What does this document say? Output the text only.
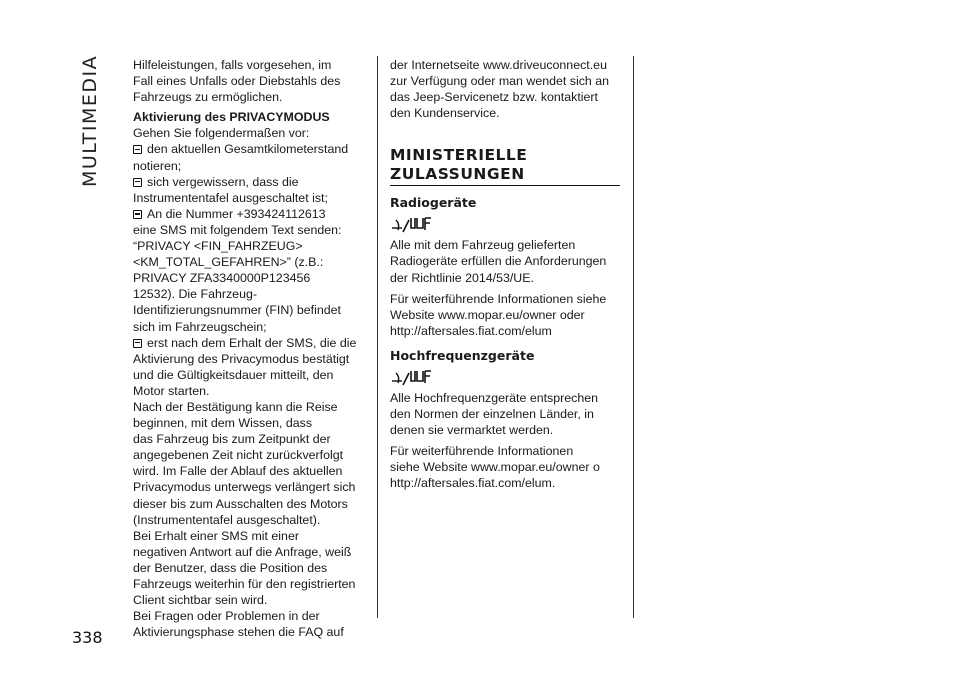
MULTIMEDIA
338

Hilfeleistungen, falls vorgesehen, im
Fall eines Unfalls oder Diebstahls des
Fahrzeugs zu ermöglichen.

Aktivierung des PRIVACYMODUS

Gehen Sie folgendermaßen vor:

den aktuellen Gesamtkilometerstand
notieren;

sich vergewissern, dass die
Instrumententafel ausgeschaltet ist;

An die Nummer +393424112613
eine SMS mit folgendem Text senden:
“PRIVACY <FIN_FAHRZEUG>
<KM_TOTAL_GEFAHREN>” (z.B.:
PRIVACY ZFA3340000P123456
12532). Die Fahrzeug-
Identifizierungsnummer (FIN) befindet
sich im Fahrzeugschein;

erst nach dem Erhalt der SMS, die die
Aktivierung des Privacymodus bestätigt
und die Gültigkeitsdauer mitteilt, den
Motor starten.

Nach der Bestätigung kann die Reise
beginnen, mit dem Wissen, dass
das Fahrzeug bis zum Zeitpunkt der
angegebenen Zeit nicht zurückverfolgt
wird. Im Falle der Ablauf des aktuellen
Privacymodus unterwegs verlängert sich
dieser bis zum Ausschalten des Motors
(Instrumententafel ausgeschaltet).

Bei Erhalt einer SMS mit einer
negativen Antwort auf die Anfrage, weiß
der Benutzer, dass die Position des
Fahrzeugs weiterhin für den registrierten
Client sichtbar sein wird.

Bei Fragen oder Problemen in der
Aktivierungsphase stehen die FAQ auf

der Internetseite www.driveuconnect.eu
zur Verfügung oder man wendet sich an
das Jeep-Servicenetz bzw. kontaktiert
den Kundenservice.

MINISTERIELLE
ZULASSUNGEN
Radiogeräte

Alle mit dem Fahrzeug gelieferten
Radiogeräte erfüllen die Anforderungen
der Richtlinie 2014/53/UE.

Für weiterführende Informationen siehe
Website www.mopar.eu/owner oder
http://aftersales.fiat.com/elum

Hochfrequenzgeräte

Alle Hochfrequenzgeräte entsprechen
den Normen der einzelnen Länder, in
denen sie vermarktet werden.

Für weiterführende Informationen
siehe Website www.mopar.eu/owner o
http://aftersales.fiat.com/elum.
